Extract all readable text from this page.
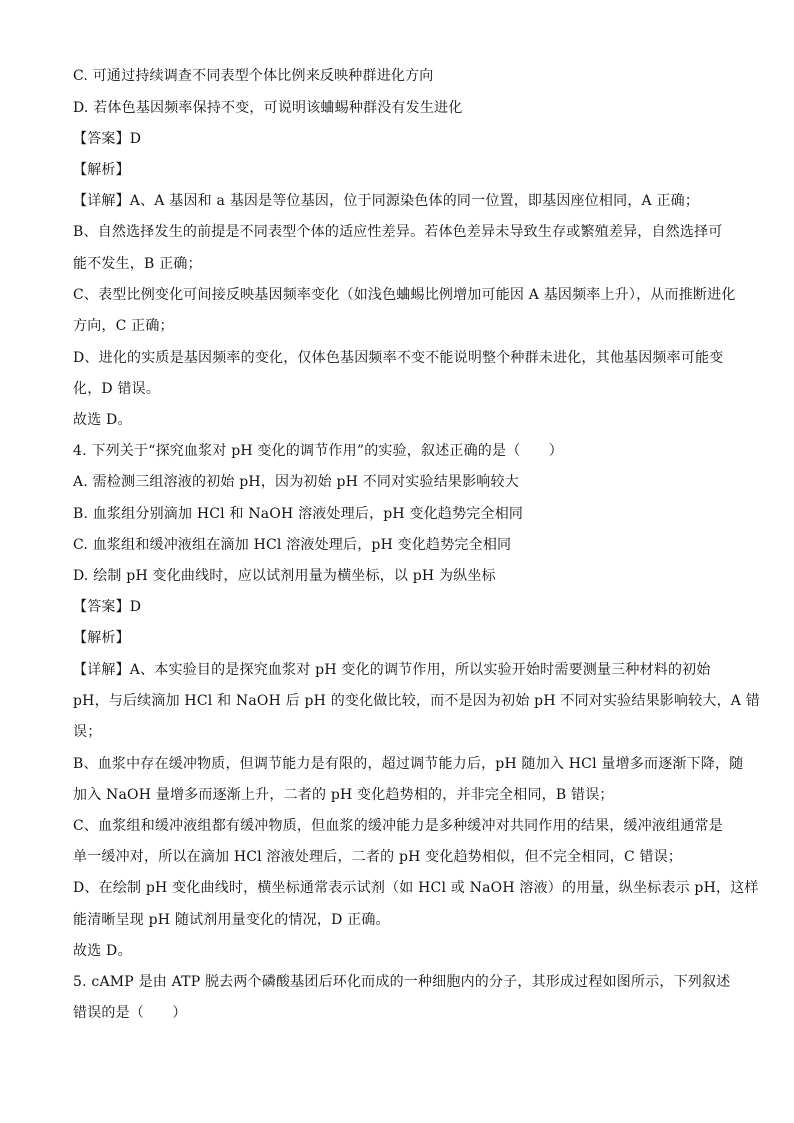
C. 可通过持续调查不同表型个体比例来反映种群进化方向
D. 若体色基因频率保持不变，可说明该蛐蜴种群没有发生进化
【答案】D
【解析】
【详解】A、A 基因和 a 基因是等位基因，位于同源染色体的同一位置，即基因座位相同，A 正确；
B、自然选择发生的前提是不同表型个体的适应性差异。若体色差异未导致生存或繁殖差异，自然选择可
能不发生，B 正确；
C、表型比例变化可间接反映基因频率变化（如浅色蛐蜴比例增加可能因 A 基因频率上升），从而推断进化
方向，C 正确；
D、进化的实质是基因频率的变化，仅体色基因频率不变不能说明整个种群未进化，其他基因频率可能变
化，D 错误。
故选 D。
4. 下列关于“探究血浆对 pH 变化的调节作用”的实验，叙述正确的是（　　）
A. 需检测三组溶液的初始 pH，因为初始 pH 不同对实验结果影响较大
B. 血浆组分别滴加 HCl 和 NaOH 溶液处理后，pH 变化趋势完全相同
C. 血浆组和缓冲液组在滴加 HCl 溶液处理后，pH 变化趋势完全相同
D. 绘制 pH 变化曲线时，应以试剂用量为横坐标，以 pH 为纵坐标
【答案】D
【解析】
【详解】A、本实验目的是探究血浆对 pH 变化的调节作用，所以实验开始时需要测量三种材料的初始
pH，与后续滴加 HCl 和 NaOH 后 pH 的变化做比较，而不是因为初始 pH 不同对实验结果影响较大，A 错
误；
B、血浆中存在缓冲物质，但调节能力是有限的，超过调节能力后，pH 随加入 HCl 量增多而逐渐下降，随
加入 NaOH 量增多而逐渐上升，二者的 pH 变化趋势相的，并非完全相同，B 错误；
C、血浆组和缓冲液组都有缓冲物质，但血浆的缓冲能力是多种缓冲对共同作用的结果，缓冲液组通常是
单一缓冲对，所以在滴加 HCl 溶液处理后，二者的 pH 变化趋势相似，但不完全相同，C 错误；
D、在绘制 pH 变化曲线时，横坐标通常表示试剂（如 HCl 或 NaOH 溶液）的用量，纵坐标表示 pH，这样
能清晰呈现 pH 随试剂用量变化的情况，D 正确。
故选 D。
5. cAMP 是由 ATP 脱去两个磷酸基团后环化而成的一种细胞内的分子，其形成过程如图所示，下列叙述
错误的是（　　）
